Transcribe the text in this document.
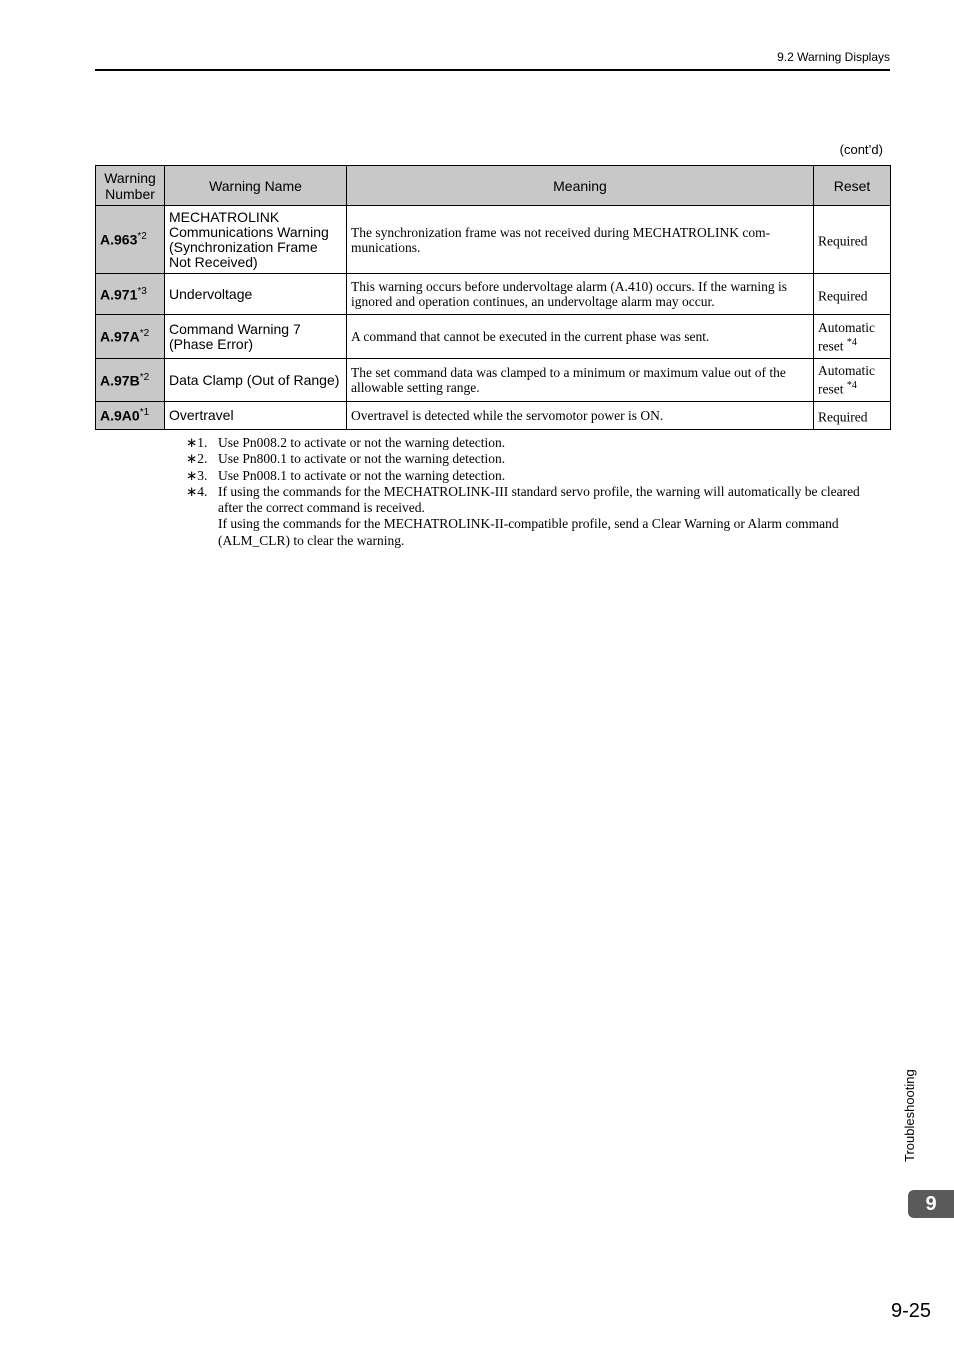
9.2 Warning Displays
(cont’d)
Warning
Number	Warning Name	Meaning	Reset
A.963$^{*2}$	MECHATROLINK Communications Warning (Synchronization Frame Not Received)	The synchronization frame was not received during MECHATROLINK com- munications.	Required
A.971$^{*3}$	Undervoltage	This warning occurs before undervoltage alarm (A.410) occurs. If the warning is ignored and operation continues, an undervoltage alarm may occur.	Required
$A.97A^{*2}$	Command Warning 7 (Phase Error)	A command that cannot be executed in the current phase was sent.	Automatic reset $^{*4}$
$A.97B^{*2}$	Data Clamp (Out of Range)	The set command data was clamped to a minimum or maximum value out of the allowable setting range.	Automatic reset $^{*4}$
A.9A0$^{*1}$	Overtravel	Overtravel is detected while the servomotor power is ON.	Required
∗1. Use Pn008.2 to activate or not the warning detection.
∗2. Use Pn800.1 to activate or not the warning detection.
∗3. Use Pn008.1 to activate or not the warning detection.
∗4. If using the commands for the MECHATROLINK-III standard servo profile, the warning will automatically be cleared after the correct command is received.
If using the commands for the MECHATROLINK-II-compatible profile, send a Clear Warning or Alarm command (ALM_CLR) to clear the warning.
Troubleshooting
9
9-25
